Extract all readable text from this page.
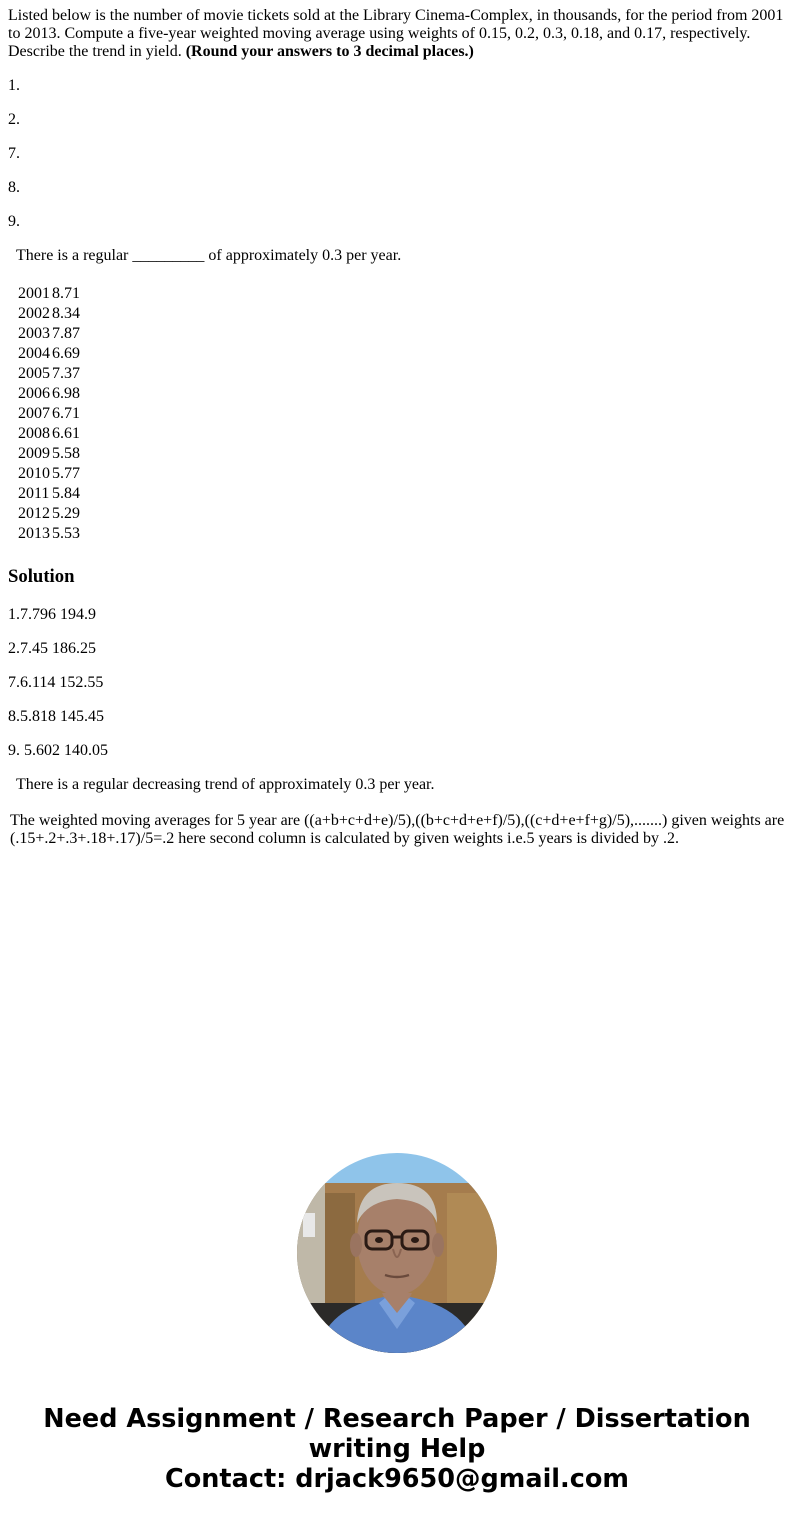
Listed below is the number of movie tickets sold at the Library Cinema-Complex, in thousands, for the period from 2001 to 2013. Compute a five-year weighted moving average using weights of 0.15, 0.2, 0.3, 0.18, and 0.17, respectively. Describe the trend in yield. (Round your answers to 3 decimal places.)

1.

2.

7.

8.

9.

There is a regular _________ of approximately 0.3 per year.

2001	8.71
2002	8.34
2003	7.87
2004	6.69
2005	7.37
2006	6.98
2007	6.71
2008	6.61
2009	5.58
2010	5.77
2011	5.84
2012	5.29
2013	5.53
Solution

1.7.796 194.9

2.7.45 186.25

7.6.114 152.55

8.5.818 145.45

9. 5.602 140.05

There is a regular decreasing trend of approximately 0.3 per year.

The weighted moving averages for 5 year are ((a+b+c+d+e)/5),((b+c+d+e+f)/5),((c+d+e+f+g)/5),.......) given weights are (.15+.2+.3+.18+.17)/5=.2 here second column is calculated by given weights i.e.5 years is divided by .2.

Need Assignment / Research Paper / Dissertation
writing Help
Contact: drjack9650@gmail.com
